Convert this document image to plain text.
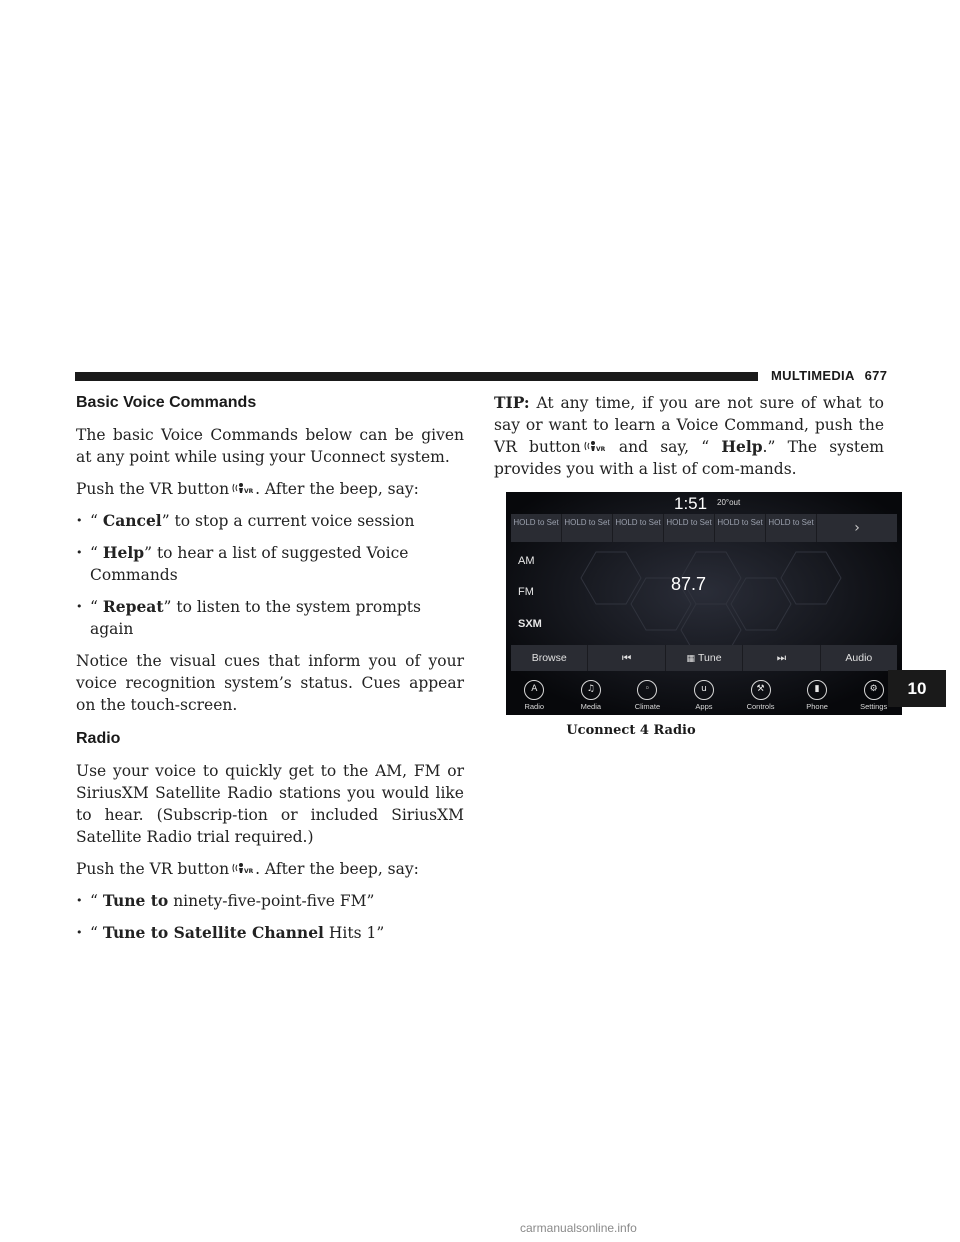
MULTIMEDIA 677
Basic Voice Commands

The basic Voice Commands below can be given at any point while using your Uconnect system.

Push the VR button	VR . After the beep, say:

• “ Cancel” to stop a current voice session
• “ Help” to hear a list of suggested Voice Commands
• “ Repeat” to listen to the system prompts again

Notice the visual cues that inform you of your voice recognition system’s status. Cues appear on the touch-screen.

Radio

Use your voice to quickly get to the AM, FM or SiriusXM Satellite Radio stations you would like to hear. (Subscrip-tion or included SiriusXM Satellite Radio trial required.)

Push the VR button	VR . After the beep, say:

• “ Tune to ninety-five-point-five FM”
• “ Tune to Satellite Channel Hits 1”

TIP: At any time, if you are not sure of what to say or want to learn a Voice Command, push the VR button	VR and say, “ Help.” The system provides you with a list of com-mands.

1:51 20°out
HOLD to Set HOLD to Set HOLD to Set HOLD to Set HOLD to Set HOLD to Set	›
AM
FM
SXM
87.7
Browse	⏮	▦ Tune	⏭	Audio
A
Radio
♫
Media
◦
Climate
u
Apps
⚒
Controls
▮
Phone
⚙
Settings
Uconnect 4 Radio
10
carmanualsonline.info
